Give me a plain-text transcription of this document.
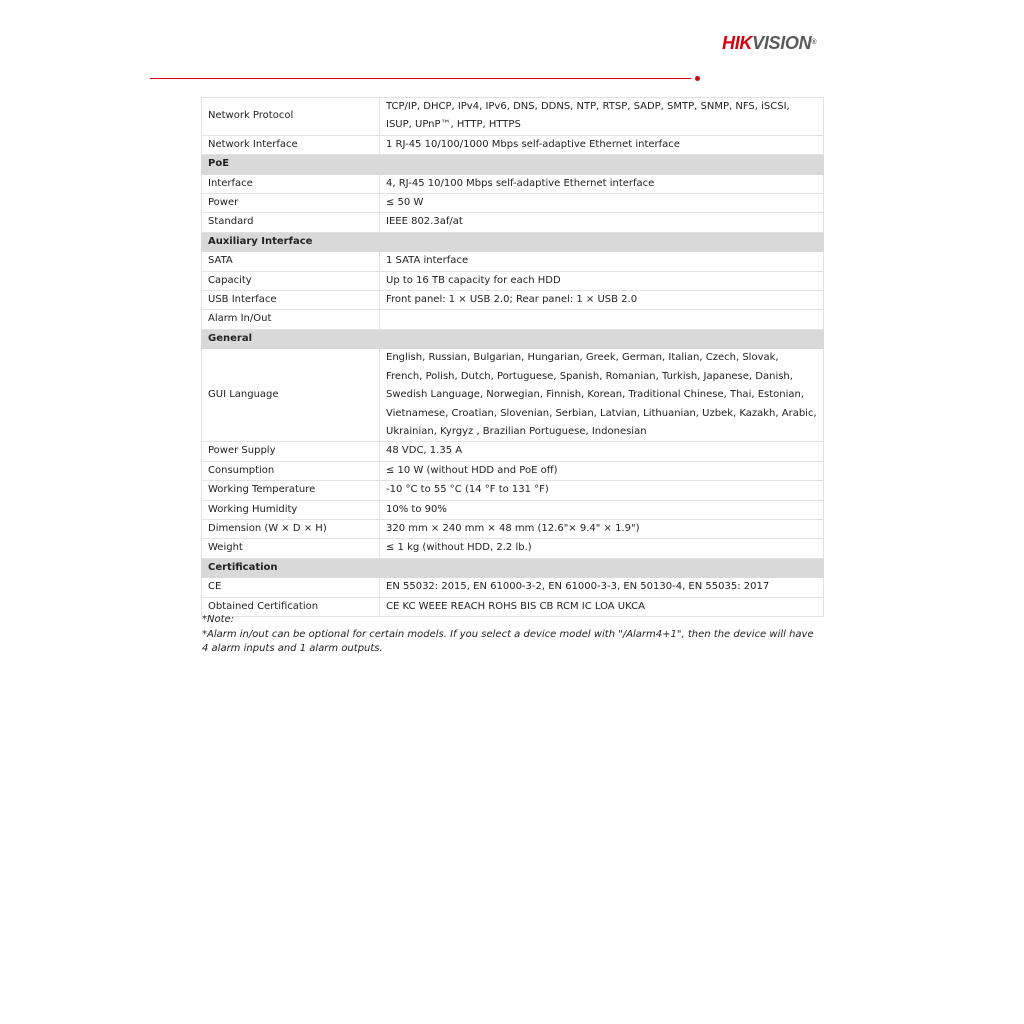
HIKVISION®
Network Protocol	TCP/IP, DHCP, IPv4, IPv6, DNS, DDNS, NTP, RTSP, SADP, SMTP, SNMP, NFS, iSCSI, ISUP, UPnP™, HTTP, HTTPS
Network Interface	1 RJ-45 10/100/1000 Mbps self-adaptive Ethernet interface
PoE	
Interface	4, RJ-45 10/100 Mbps self-adaptive Ethernet interface
Power	≤ 50 W
Standard	IEEE 802.3af/at
Auxiliary Interface	
SATA	1 SATA interface
Capacity	Up to 16 TB capacity for each HDD
USB Interface	Front panel: 1 × USB 2.0; Rear panel: 1 × USB 2.0
Alarm In/Out	
General	
GUI Language	English, Russian, Bulgarian, Hungarian, Greek, German, Italian, Czech, Slovak, French, Polish, Dutch, Portuguese, Spanish, Romanian, Turkish, Japanese, Danish, Swedish Language, Norwegian, Finnish, Korean, Traditional Chinese, Thai, Estonian, Vietnamese, Croatian, Slovenian, Serbian, Latvian, Lithuanian, Uzbek, Kazakh, Arabic, Ukrainian, Kyrgyz , Brazilian Portuguese, Indonesian
Power Supply	48 VDC, 1.35 A
Consumption	≤ 10 W (without HDD and PoE off)
Working Temperature	-10 °C to 55 °C (14 °F to 131 °F)
Working Humidity	10% to 90%
Dimension (W × D × H)	320 mm × 240 mm × 48 mm (12.6"× 9.4" × 1.9")
Weight	≤ 1 kg (without HDD, 2.2 lb.)
Certification	
CE	EN 55032: 2015, EN 61000-3-2, EN 61000-3-3, EN 50130-4, EN 55035: 2017
Obtained Certification	CE KC WEEE REACH ROHS BIS CB RCM IC LOA UKCA

*Note:

*Alarm in/out can be optional for certain models. If you select a device model with "/Alarm4+1", then the device will have 4 alarm inputs and 1 alarm outputs.
